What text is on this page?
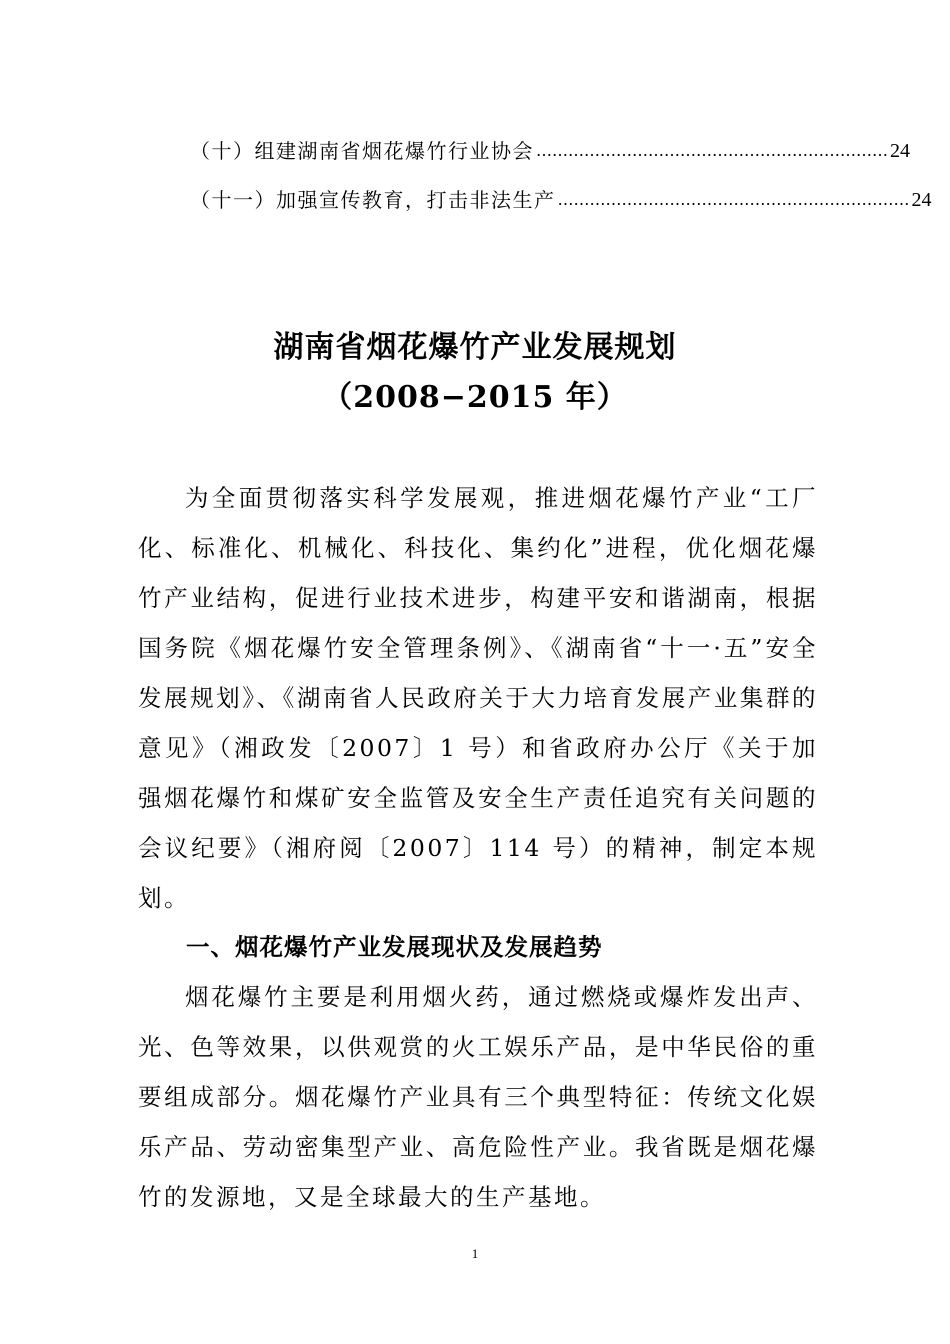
（十）组建湖南省烟花爆竹行业协会 ………………………………………………………… 24
（十一）加强宣传教育，打击非法生产 ………………………………………………………… 24
湖南省烟花爆竹产业发展规划
（2008−2015 年）

为全面贯彻落实科学发展观，推进烟花爆竹产业“工厂化、标准化、机械化、科技化、集约化”进程，优化烟花爆竹产业结构，促进行业技术进步，构建平安和谐湖南，根据国务院《烟花爆竹安全管理条例》、《湖南省“十一·五”安全发展规划》、《湖南省人民政府关于大力培育发展产业集群的意见》（湘政发〔2007〕1 号）和省政府办公厅《关于加强烟花爆竹和煤矿安全监管及安全生产责任追究有关问题的会议纪要》（湘府阅〔2007〕114 号）的精神，制定本规划。

一、烟花爆竹产业发展现状及发展趋势

烟花爆竹主要是利用烟火药，通过燃烧或爆炸发出声、光、色等效果，以供观赏的火工娱乐产品，是中华民俗的重要组成部分。烟花爆竹产业具有三个典型特征：传统文化娱乐产品、劳动密集型产业、高危险性产业。我省既是烟花爆竹的发源地，又是全球最大的生产基地。

1
